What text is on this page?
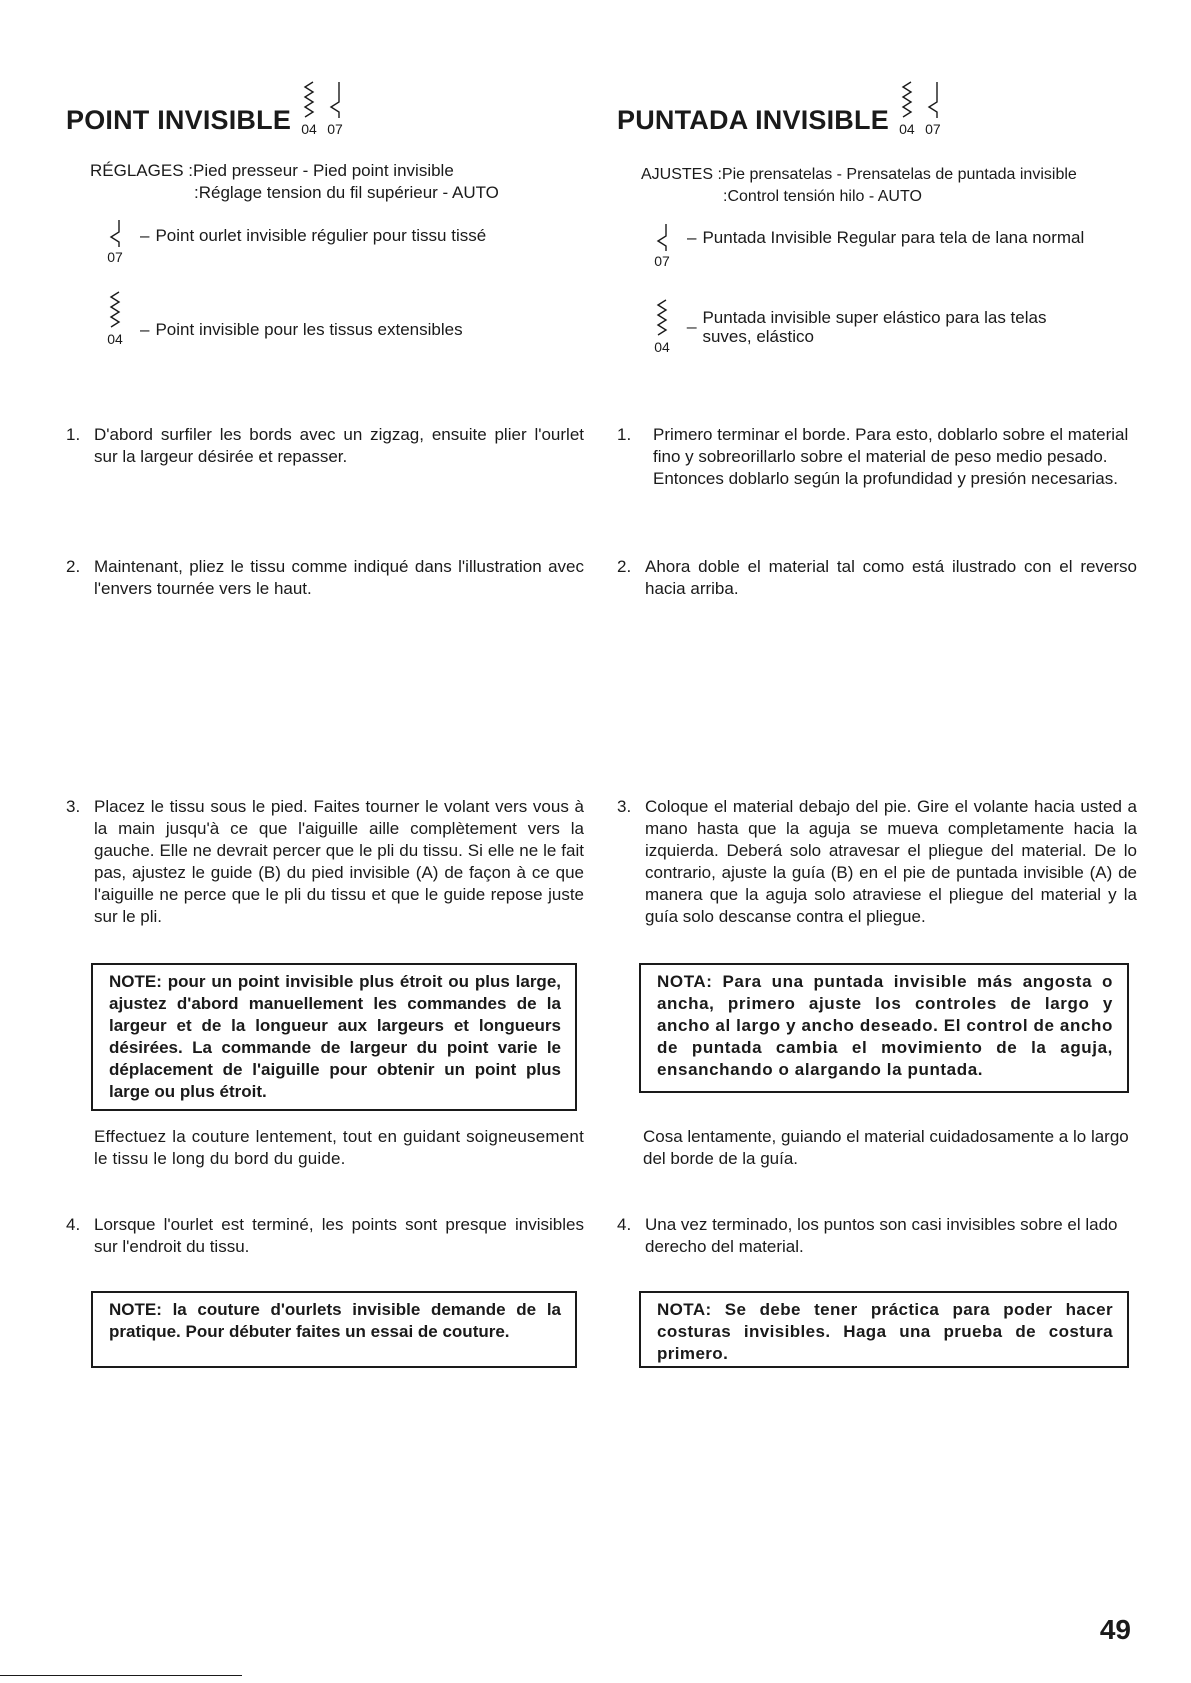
POINT INVISIBLE 04 07
RÉGLAGES :Pied presseur - Pied point invisible
:Réglage tension du fil supérieur - AUTO
07
– Point ourlet invisible régulier pour tissu tissé
04 – Point invisible pour les tissus extensibles
1. D'abord surfiler les bords avec un zigzag, ensuite plier l'ourlet sur la largeur désirée et repasser.
2. Maintenant, pliez le tissu comme indiqué dans l'illustration avec l'envers tournée vers le haut.
3. Placez le tissu sous le pied. Faites tourner le volant vers vous à la main jusqu'à ce que l'aiguille aille complètement vers la gauche. Elle ne devrait percer que le pli du tissu. Si elle ne le fait pas, ajustez le guide (B) du pied invisible (A) de façon à ce que l'aiguille ne perce que le pli du tissu et que le guide repose juste sur le pli.
NOTE: pour un point invisible plus étroit ou plus large, ajustez d'abord manuellement les commandes de la largeur et de la longueur aux largeurs et longueurs désirées. La commande de largeur du point varie le déplacement de l'aiguille pour obtenir un point plus large ou plus étroit.
Effectuez la couture lentement, tout en guidant soigneusement le tissu le long du bord du guide.
4. Lorsque l'ourlet est terminé, les points sont presque invisibles sur l'endroit du tissu.
NOTE: la couture d'ourlets invisible demande de la pratique. Pour débuter faites un essai de couture.
PUNTADA INVISIBLE 04 07
AJUSTES :Pie prensatelas - Prensatelas de puntada invisible
:Control tensión hilo - AUTO
07
– Puntada Invisible Regular para tela de lana normal
04
_ Puntada invisible super elástico para las telas suves, elástico
1.	Primero terminar el borde. Para esto, doblarlo sobre el material fino y sobreorillarlo sobre el material de peso medio pesado. Entonces doblarlo según la profundidad y presión necesarias.
2. Ahora doble el material tal como está ilustrado con el reverso hacia arriba.
3. Coloque el material debajo del pie. Gire el volante hacia usted a mano hasta que la aguja se mueva completamente hacia la izquierda. Deberá solo atravesar el pliegue del material. De lo contrario, ajuste la guía (B) en el pie de puntada invisible (A) de manera que la aguja solo atraviese el pliegue del material y la guía solo descanse contra el pliegue.
NOTA: Para una puntada invisible más angosta o ancha, primero ajuste los controles de largo y ancho al largo y ancho deseado. El control de ancho de puntada cambia el movimiento de la aguja, ensanchando o alargando la puntada.
Cosa lentamente, guiando el material cuidadosamente a lo largo del borde de la guía.
4. Una vez terminado, los puntos son casi invisibles sobre el lado derecho del material.
NOTA: Se debe tener práctica para poder hacer costuras invisibles. Haga una prueba de costura primero.
49
